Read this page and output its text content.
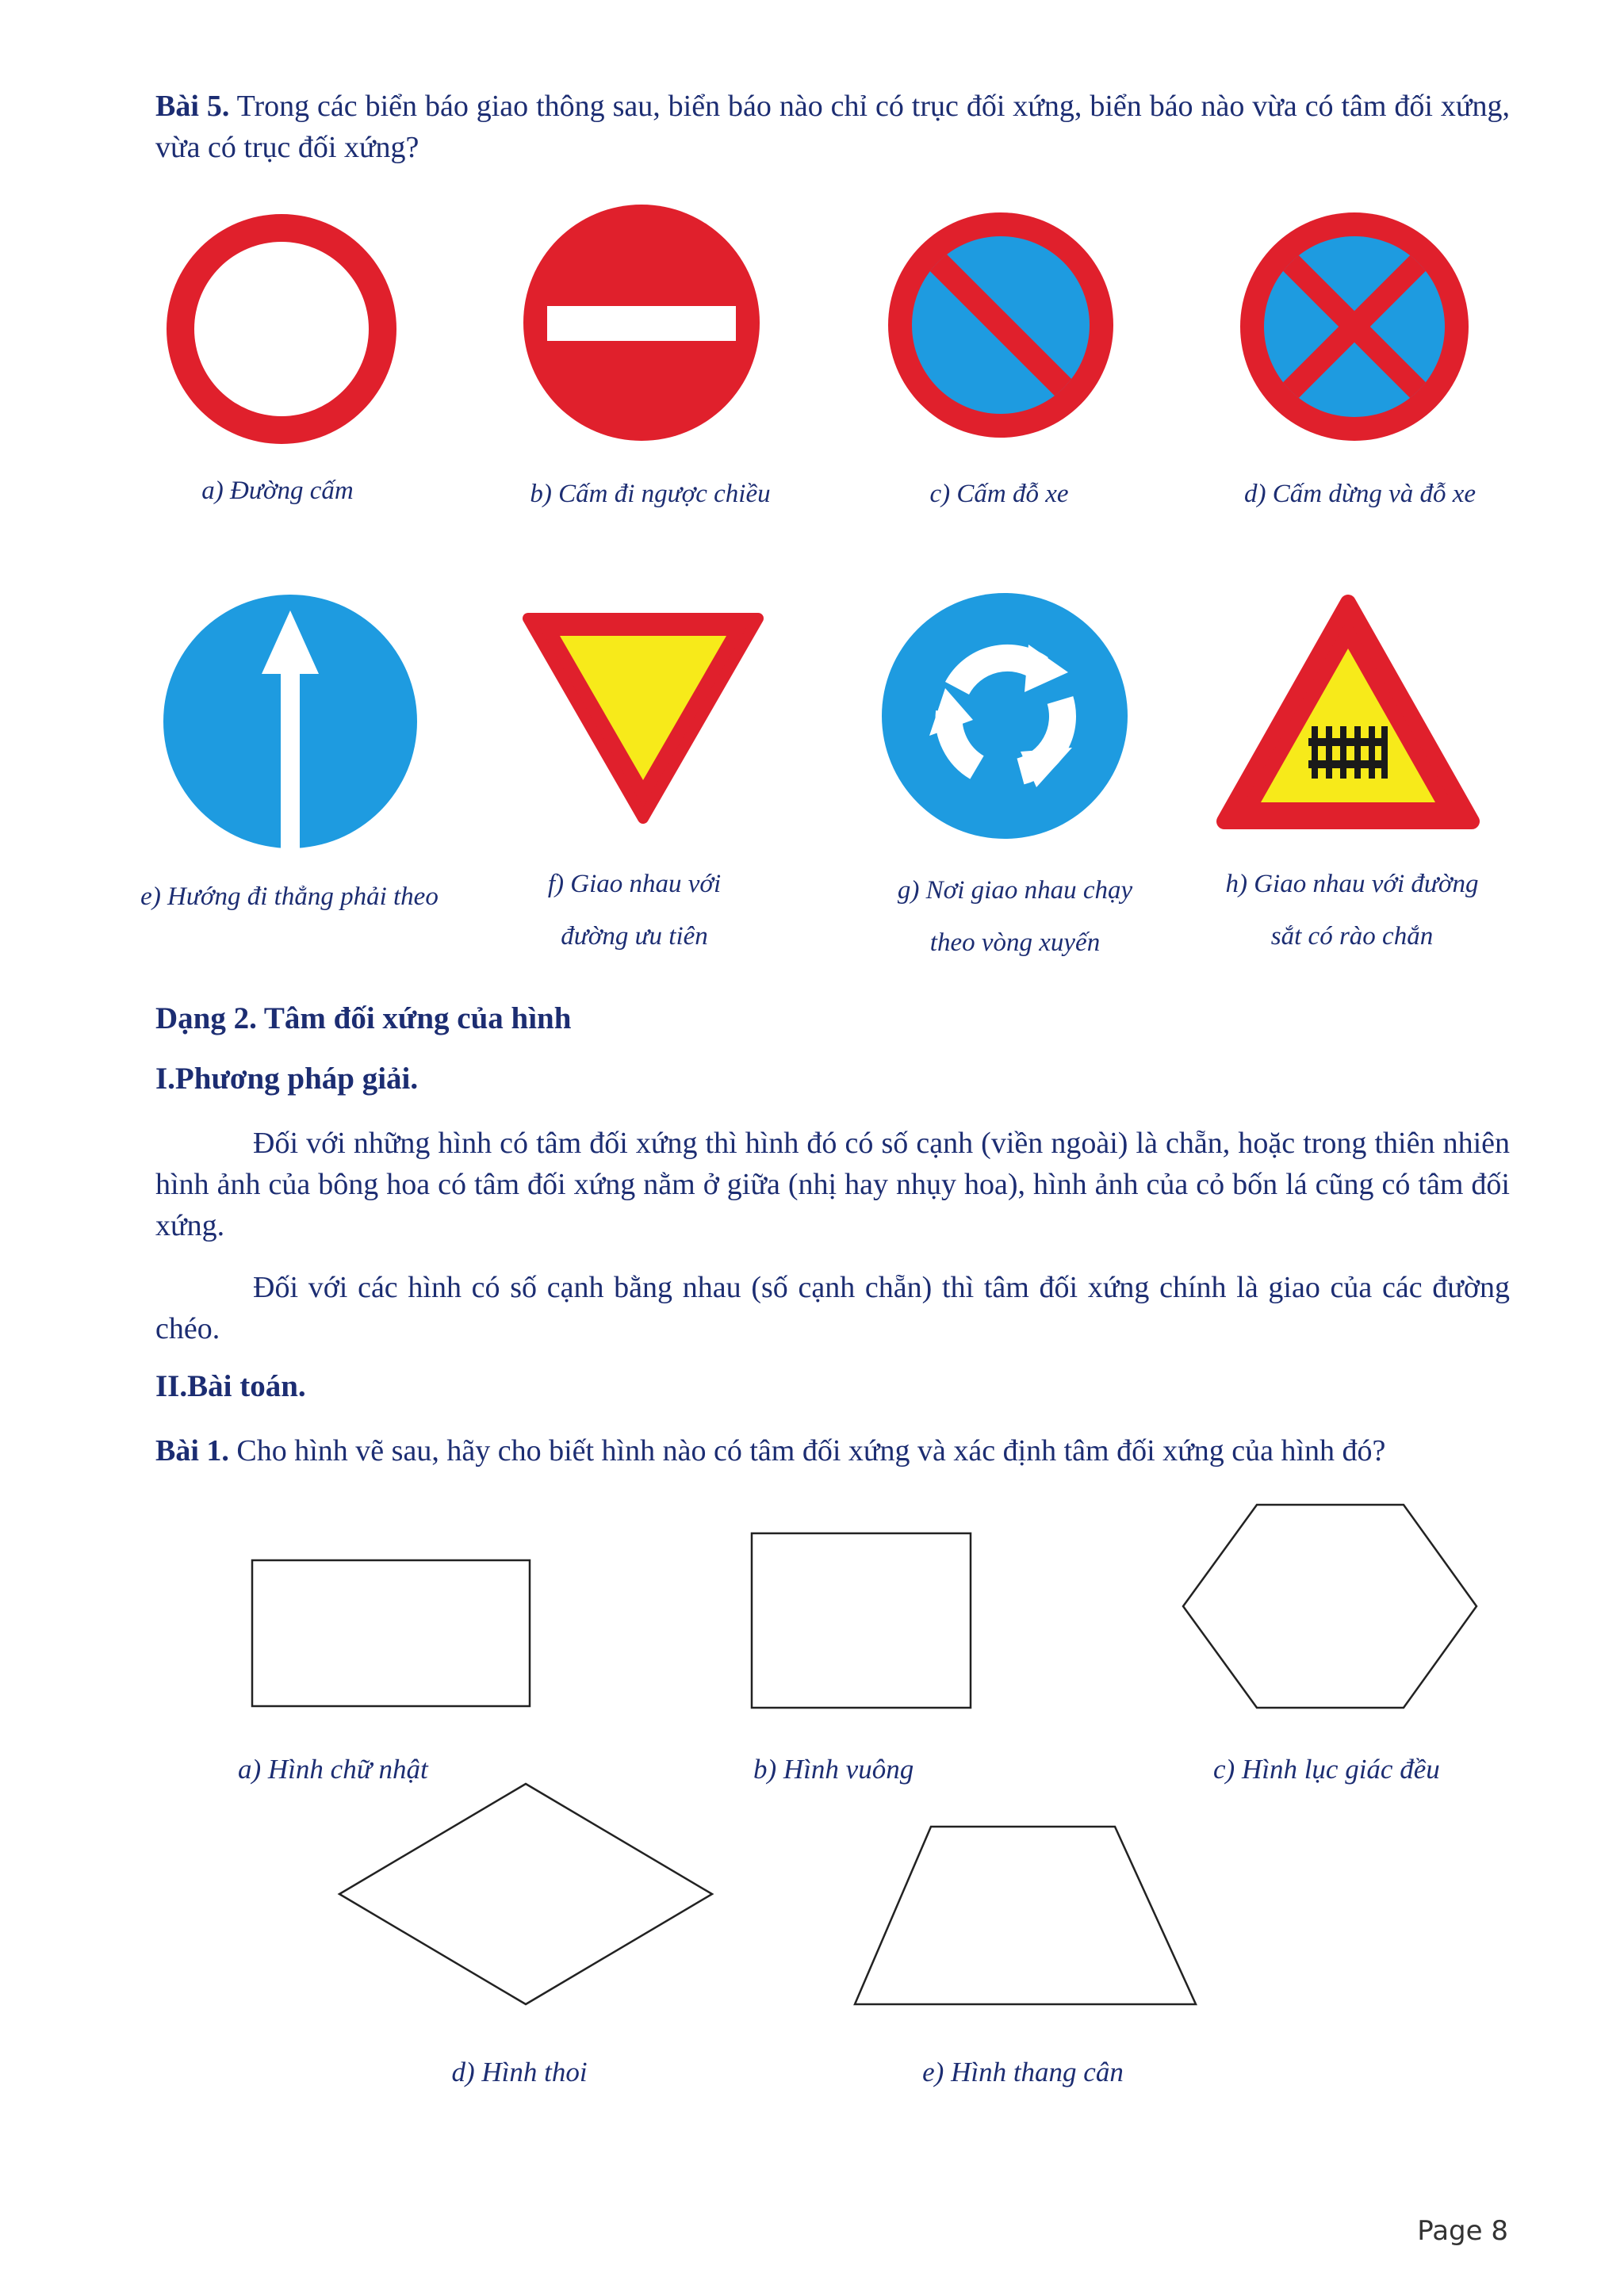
Bài 5. Trong các biển báo giao thông sau, biển báo nào chỉ có trục đối xứng, biển báo nào vừa có tâm đối xứng, vừa có trục đối xứng?
a) Đường cấm	b) Cấm đi ngược chiều	c) Cấm đỗ xe	d) Cấm dừng và đỗ xe
e) Hướng đi thẳng phải theo	f) Giao nhau với
đường ưu tiên
g) Nơi giao nhau chạy
theo vòng xuyến
h) Giao nhau với đường
sắt có rào chắn
Dạng 2. Tâm đối xứng của hình
I.Phương pháp giải.
Đối với những hình có tâm đối xứng thì hình đó có số cạnh (viền ngoài) là chẵn, hoặc trong thiên nhiên hình ảnh của bông hoa có tâm đối xứng nằm ở giữa (nhị hay nhụy hoa), hình ảnh của cỏ bốn lá cũng có tâm đối xứng.
Đối với các hình có số cạnh bằng nhau (số cạnh chẵn) thì tâm đối xứng chính là giao của các đường chéo.
II.Bài toán.
Bài 1. Cho hình vẽ sau, hãy cho biết hình nào có tâm đối xứng và xác định tâm đối xứng của hình đó?
a) Hình chữ nhật	b) Hình vuông	c) Hình lục giác đều
d) Hình thoi	e) Hình thang cân
Page 8
